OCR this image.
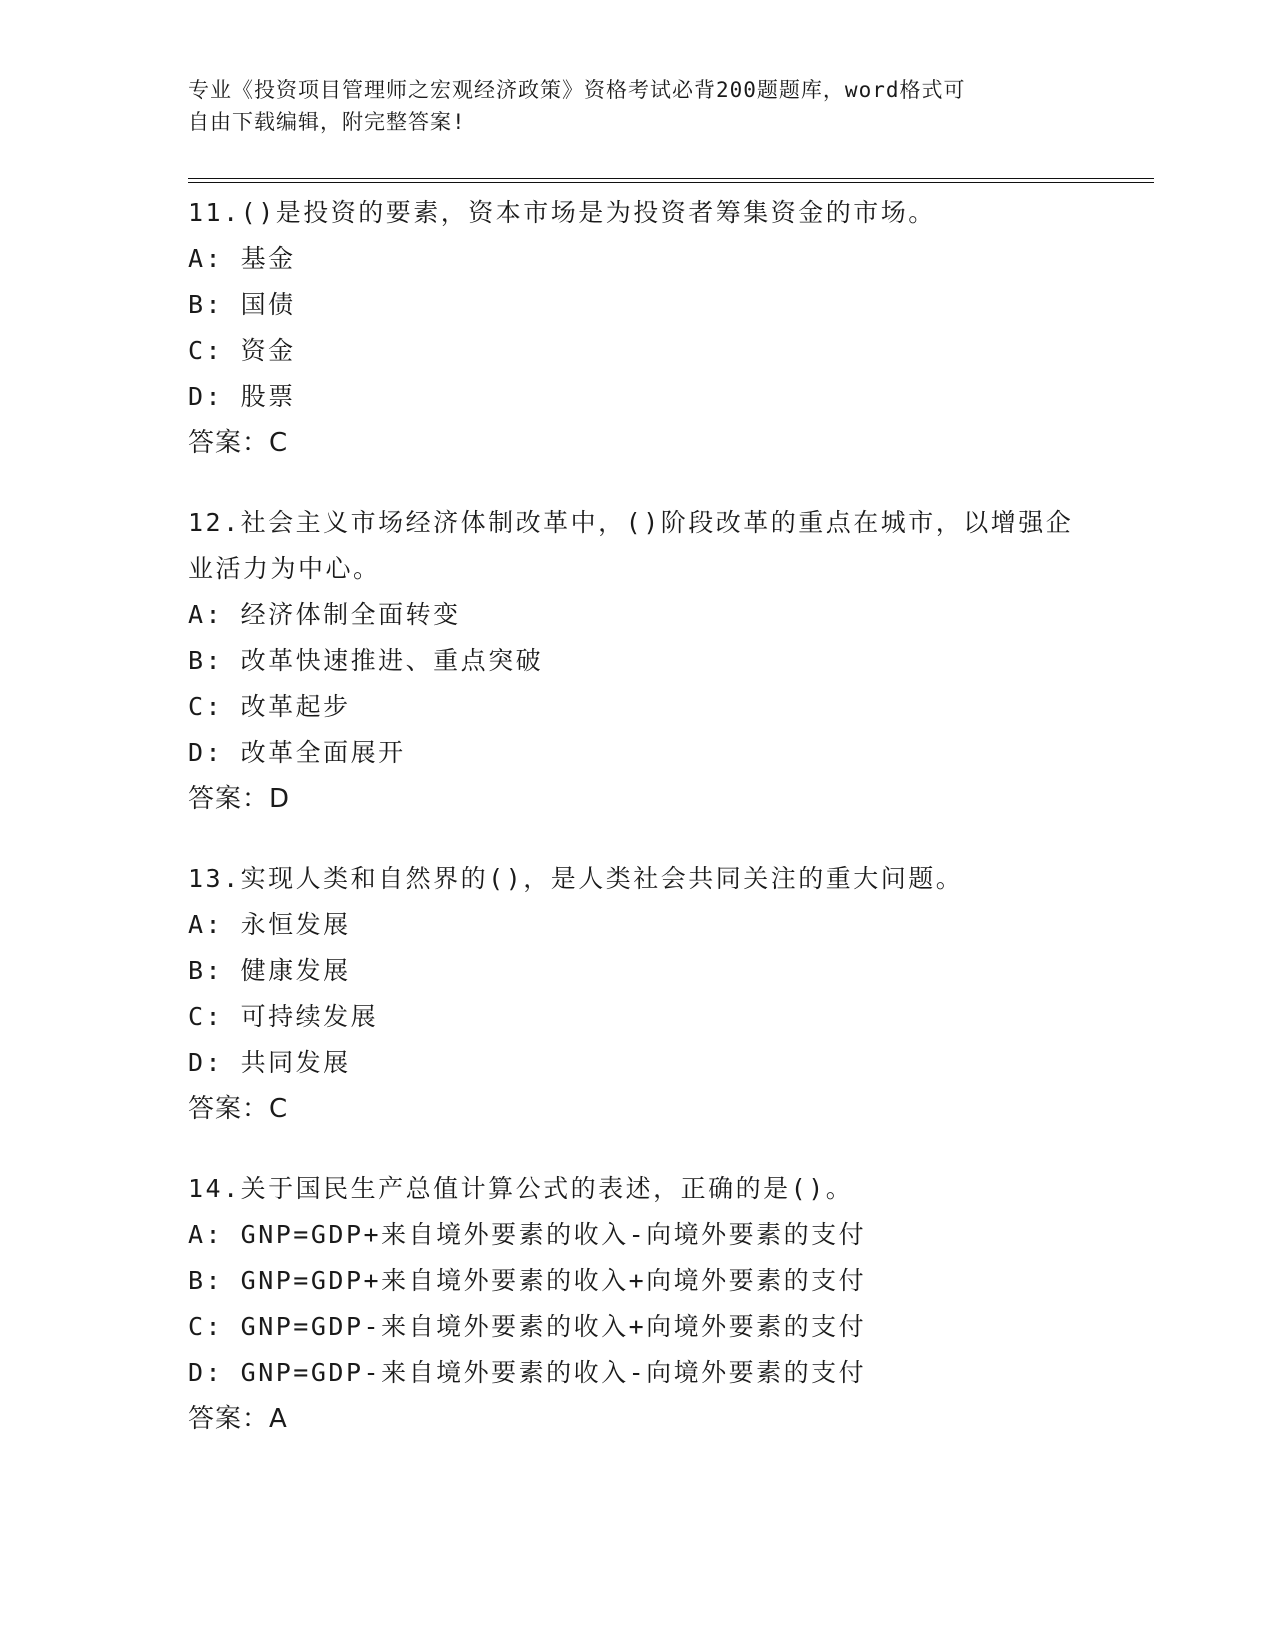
专业《投资项目管理师之宏观经济政策》资格考试必背200题题库，word格式可
自由下载编辑，附完整答案!
11.()是投资的要素，资本市场是为投资者筹集资金的市场。
A: 基金
B: 国债
C: 资金
D: 股票
答案：C
12.社会主义市场经济体制改革中，()阶段改革的重点在城市，以增强企业活力为中心。
A: 经济体制全面转变
B: 改革快速推进、重点突破
C: 改革起步
D: 改革全面展开
答案：D
13.实现人类和自然界的()，是人类社会共同关注的重大问题。
A: 永恒发展
B: 健康发展
C: 可持续发展
D: 共同发展
答案：C
14.关于国民生产总值计算公式的表述，正确的是()。
A: GNP=GDP+来自境外要素的收入-向境外要素的支付
B: GNP=GDP+来自境外要素的收入+向境外要素的支付
C: GNP=GDP-来自境外要素的收入+向境外要素的支付
D: GNP=GDP-来自境外要素的收入-向境外要素的支付
答案：A
